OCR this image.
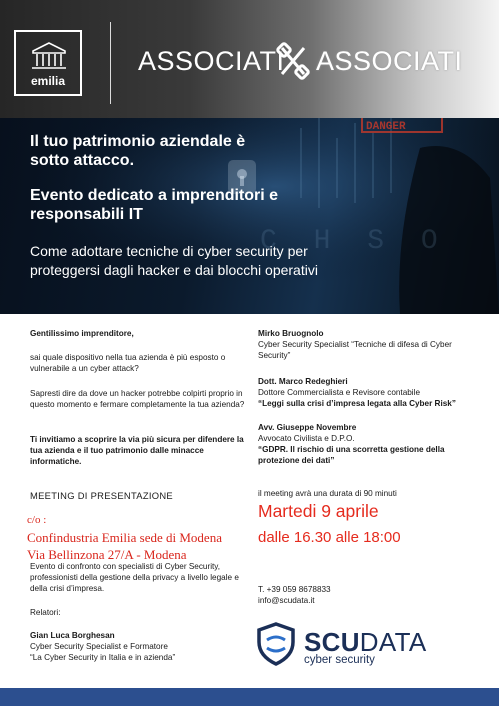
emilia
ASSOCIATI ASSOCIATI
DANGER
C H S O
Il tuo patrimonio aziendale è sotto attacco.
Evento dedicato a imprenditori e responsabili IT
Come adottare tecniche di cyber security per proteggersi dagli hacker e dai blocchi operativi

Gentilissimo imprenditore,

sai quale dispositivo nella tua azienda è più esposto o vulnerabile a un cyber attack?

Sapresti dire da dove un hacker potrebbe colpirti proprio in questo momento e fermare completamente la tua azienda?

Ti invitiamo a scoprire la via più sicura per difendere la tua azienda e il tuo patrimonio dalle minacce informatiche.

MEETING DI PRESENTAZIONE
c/o :
Confindustria Emilia sede di Modena
Via Bellinzona 27/A - Modena

Evento di confronto con specialisti di Cyber Security, professionisti della gestione della privacy a livello legale e della crisi d’impresa.

Relatori:

Gian Luca Borghesan

Cyber Security Specialist e Formatore

“La Cyber Security in Italia e in azienda”

Mirko Bruognolo

Cyber Security Specialist “Tecniche di difesa di Cyber Security”

Dott. Marco Redeghieri

Dottore Commercialista e Revisore contabile

“Leggi sulla crisi d’impresa legata alla Cyber Risk”

Avv. Giuseppe Novembre

Avvocato Civilista e D.P.O.

“GDPR. Il rischio di una scorretta gestione della protezione dei dati”

il meeting avrà una durata di 90 minuti

Martedi 9 aprile
dalle 16.30 alle 18:00
T. +39 059 8678833
info@scudata.it
SCUDATA
cyber security
